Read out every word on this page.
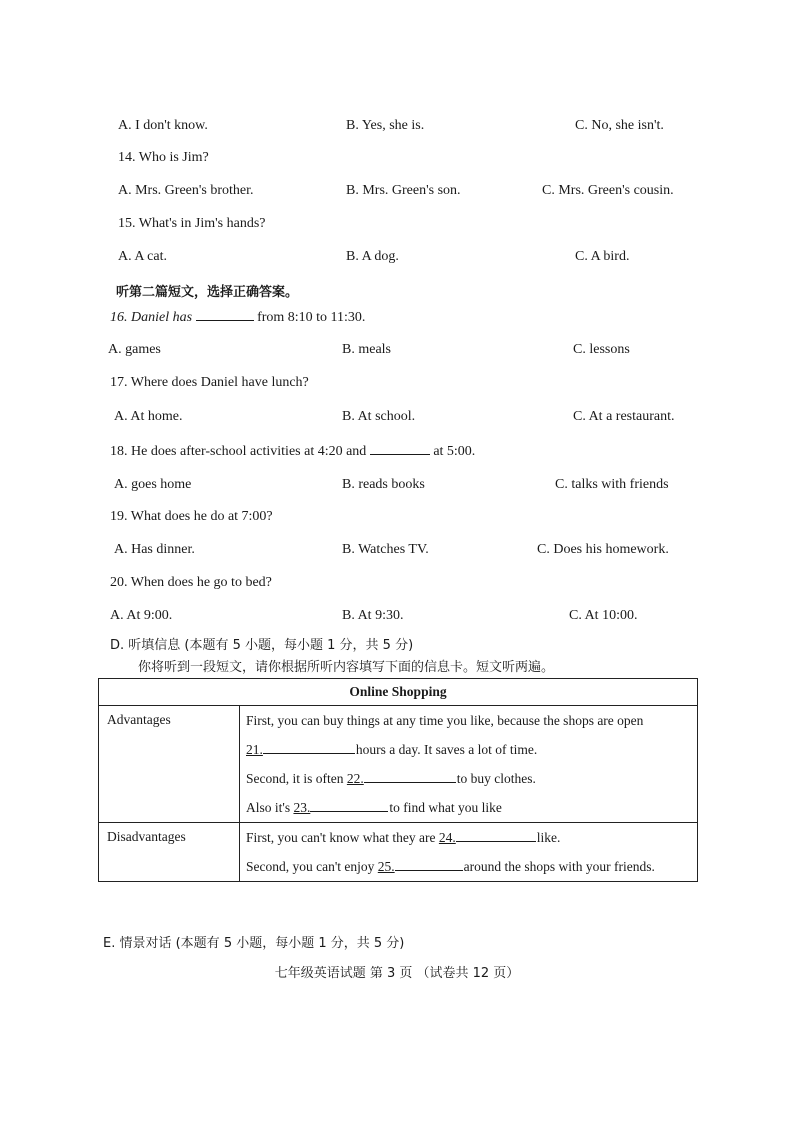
A. I don't know.	B. Yes, she is.	C. No, she isn't.
14. Who is Jim?
A. Mrs. Green's brother.	B. Mrs. Green's son.	C. Mrs. Green's cousin.
15. What's in Jim's hands?
A. A cat.	B. A dog.	C. A bird.
听第二篇短文，选择正确答案。
16. Daniel has	from 8:10 to 11:30.
A. games	B. meals	C. lessons
17. Where does Daniel have lunch?
A. At home.	B. At school.	C. At a restaurant.
18. He does after-school activities at 4:20 and	at 5:00.
A. goes home	B. reads books	C. talks with friends
19. What does he do at 7:00?
A. Has dinner.	B. Watches TV.	C. Does his homework.
20. When does he go to bed?
A. At 9:00.	B. At 9:30.	C. At 10:00.
D. 听填信息 (本题有 5 小题，每小题 1 分，共 5 分)
你将听到一段短文，请你根据所听内容填写下面的信息卡。短文听两遍。
Online Shopping	
Advantages	First, you can buy things at any time you like, because the shops are open
21. hours a day. It saves a lot of time.
Second, it is often 22. to buy clothes.
Also it's 23. to find what you like

Disadvantages	First, you can't know what they are 24. like.
Second, you can't enjoy 25. around the shops with your friends.
E. 情景对话 (本题有 5 小题，每小题 1 分，共 5 分)
七年级英语试题 第 3 页 （试卷共 12 页）
